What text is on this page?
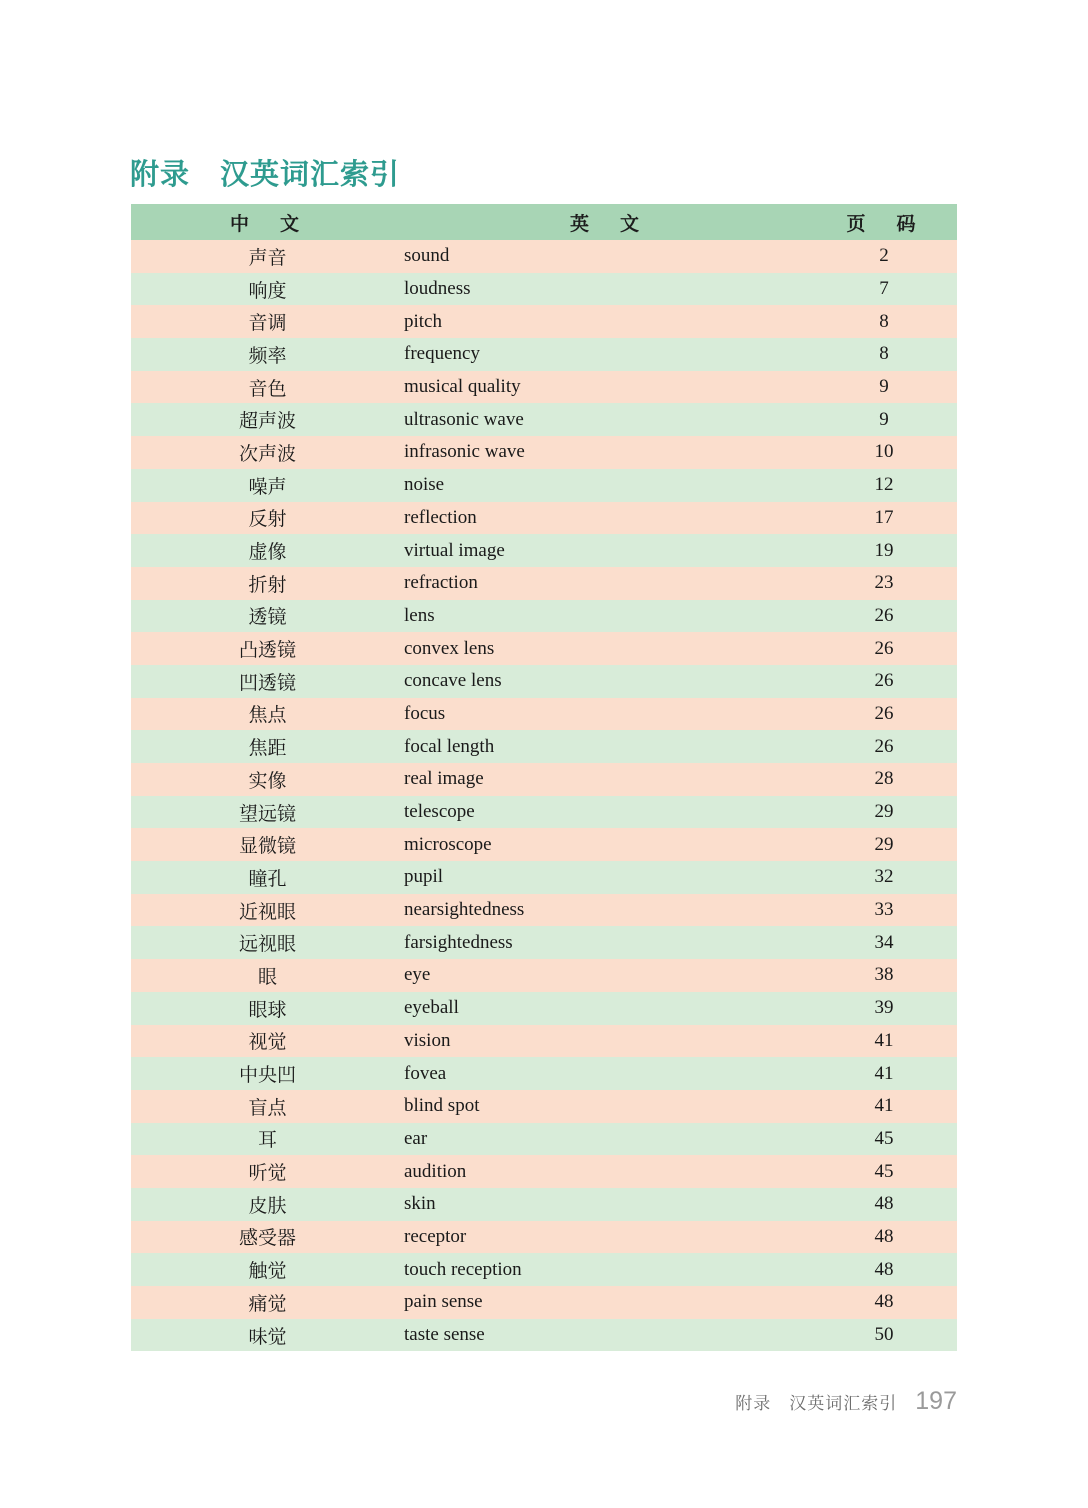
附录　汉英词汇索引
中　文	英　文	页　码
声音	sound	2
响度	loudness	7
音调	pitch	8
频率	frequency	8
音色	musical quality	9
超声波	ultrasonic wave	9
次声波	infrasonic wave	10
噪声	noise	12
反射	reflection	17
虚像	virtual image	19
折射	refraction	23
透镜	lens	26
凸透镜	convex lens	26
凹透镜	concave lens	26
焦点	focus	26
焦距	focal length	26
实像	real image	28
望远镜	telescope	29
显微镜	microscope	29
瞳孔	pupil	32
近视眼	nearsightedness	33
远视眼	farsightedness	34
眼	eye	38
眼球	eyeball	39
视觉	vision	41
中央凹	fovea	41
盲点	blind spot	41
耳	ear	45
听觉	audition	45
皮肤	skin	48
感受器	receptor	48
触觉	touch reception	48
痛觉	pain sense	48
味觉	taste sense	50
附录　汉英词汇索引 197
